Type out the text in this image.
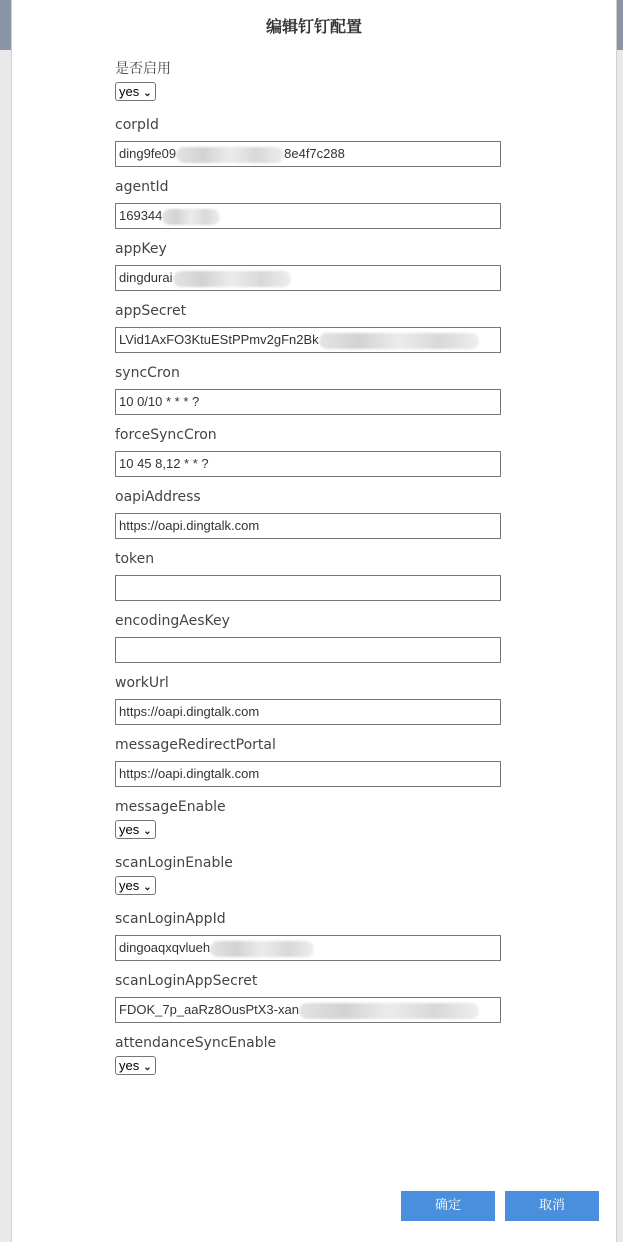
编辑钉钉配置
是否启用
yes ⌄
corpId
ding9fe09	8e4f7c288
agentId
169344
appKey
dingdurai
appSecret
LVid1AxFO3KtuEStPPmv2gFn2Bk
syncCron
10 0/10 * * * ?
forceSyncCron
10 45 8,12 * * ?
oapiAddress
https://oapi.dingtalk.com
token
encodingAesKey
workUrl
https://oapi.dingtalk.com
messageRedirectPortal
https://oapi.dingtalk.com
messageEnable
yes ⌄
scanLoginEnable
yes ⌄
scanLoginAppId
dingoaqxqvlueh
scanLoginAppSecret
FDOK_7p_aaRz8OusPtX3-xan
attendanceSyncEnable
yes ⌄
确定	取消
